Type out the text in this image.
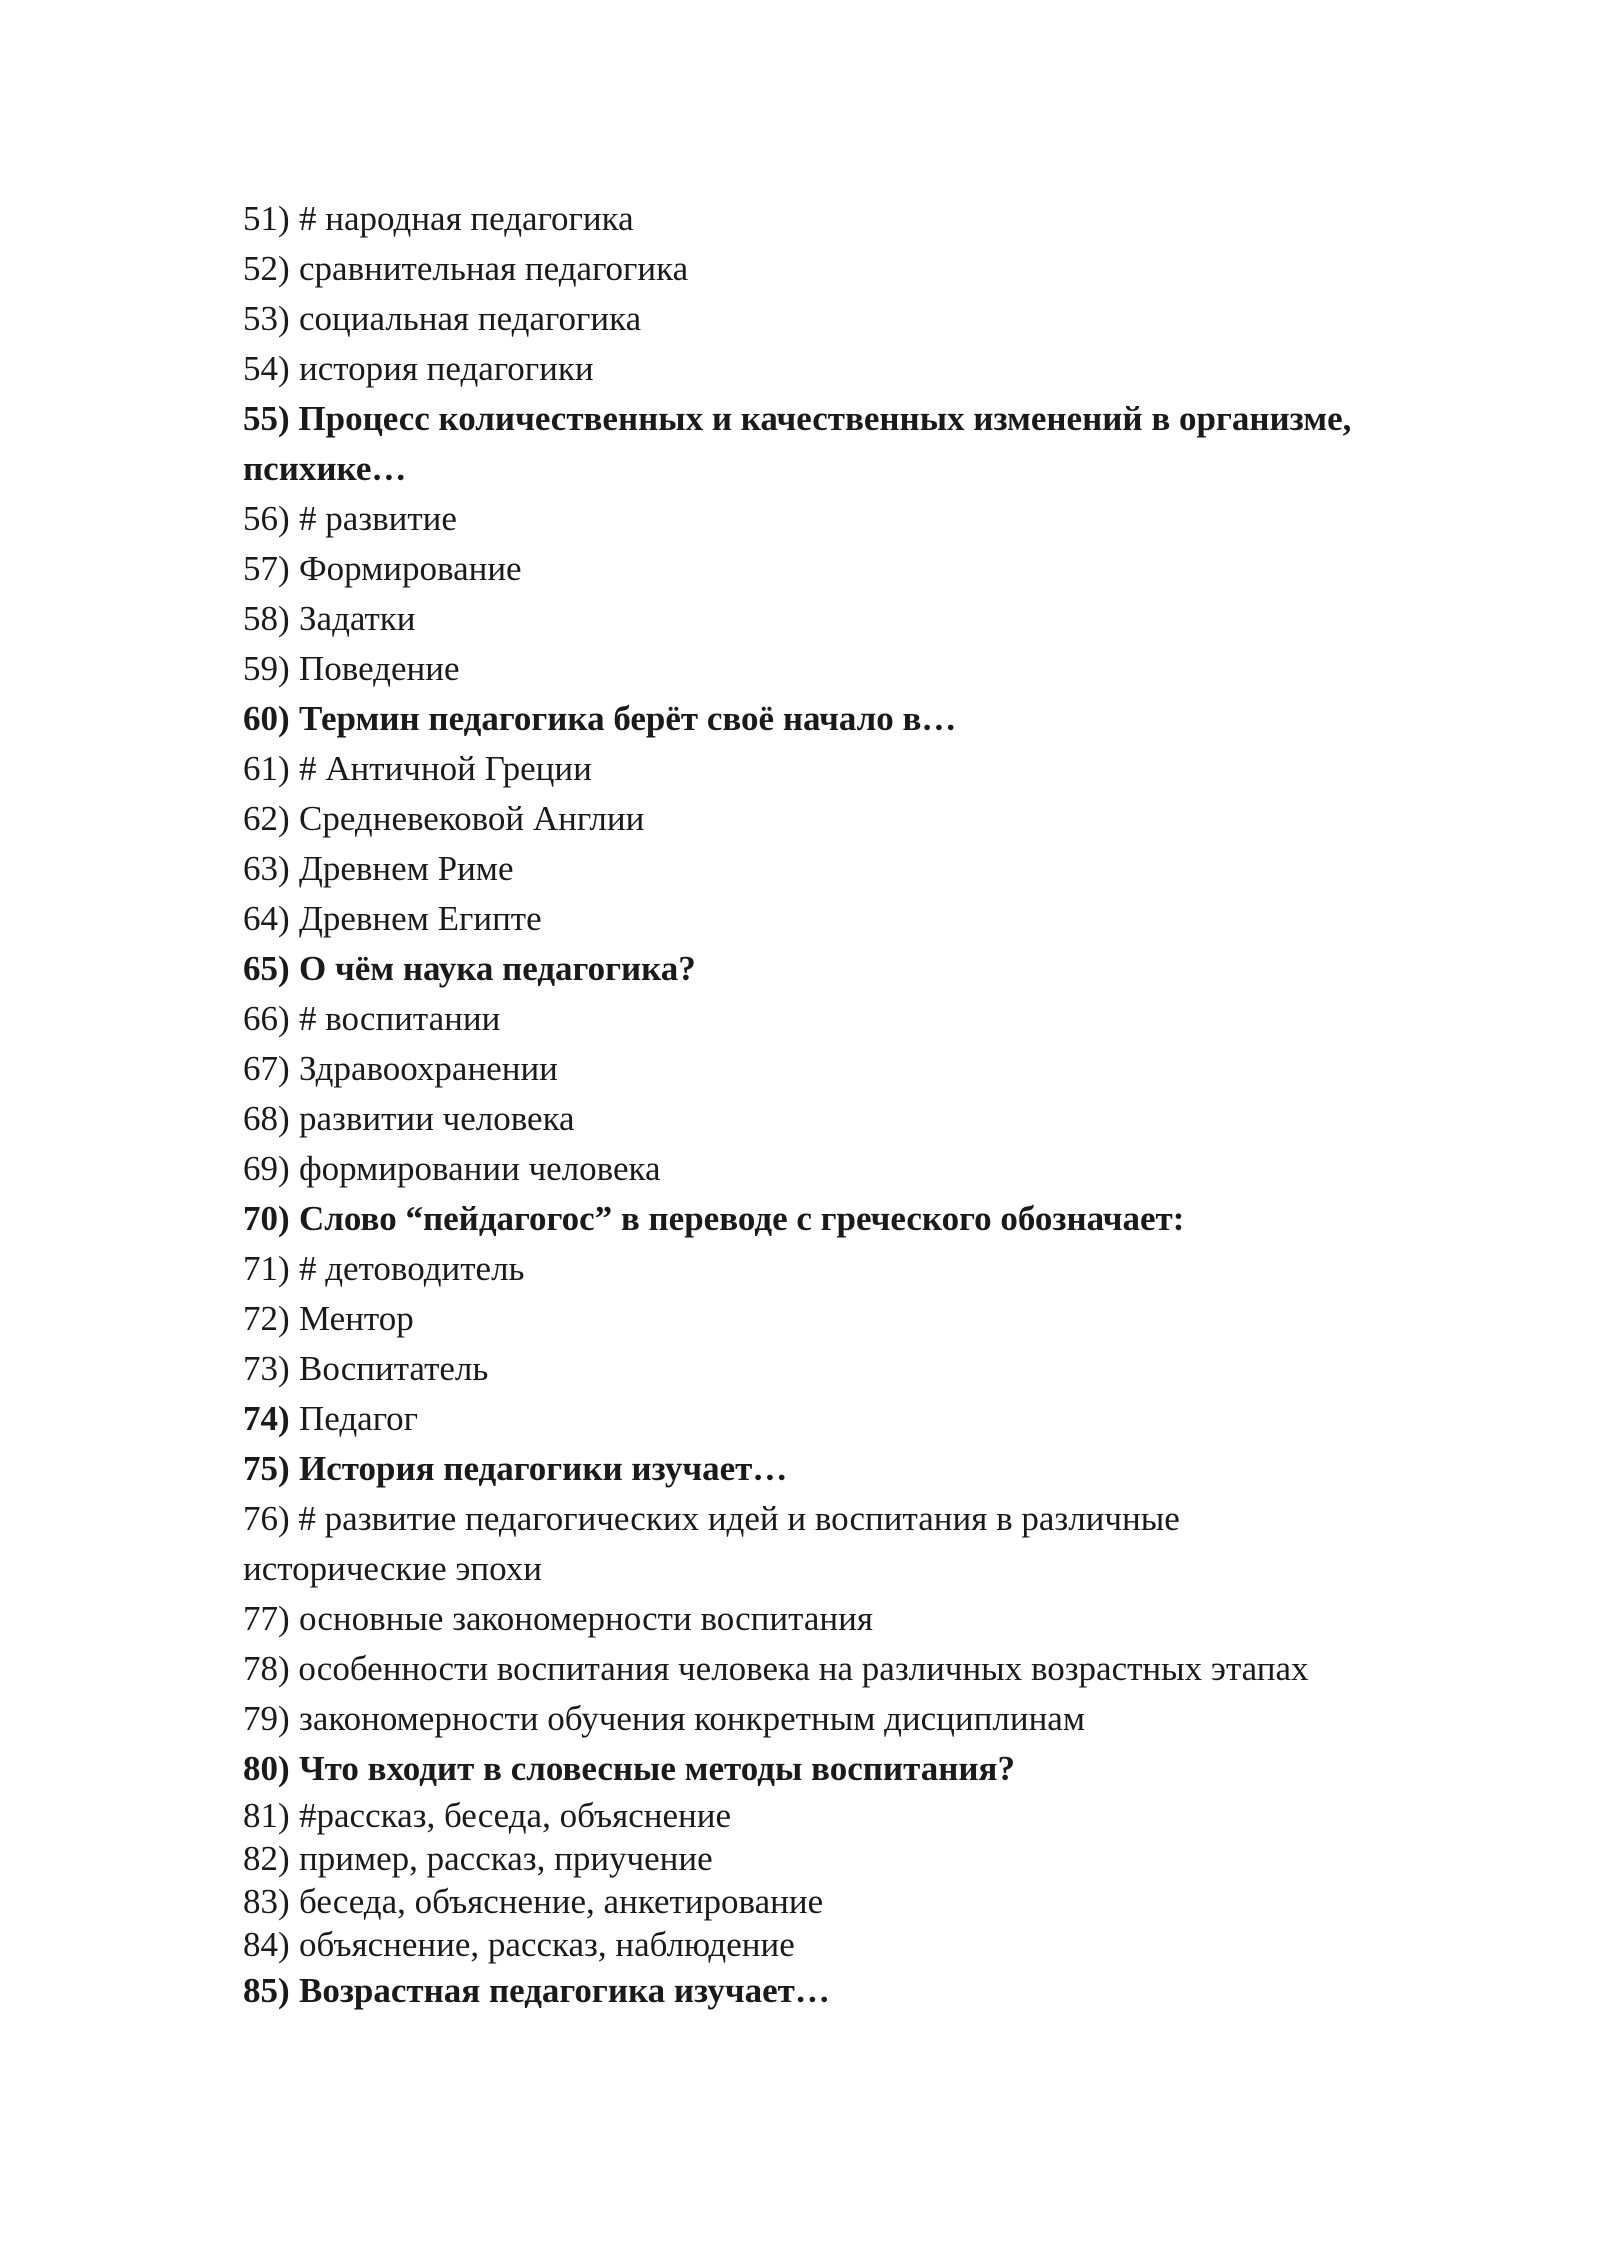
51) # народная педагогика
52) сравнительная педагогика
53) социальная педагогика
54) история педагогики
55) Процесс количественных и качественных изменений в организме, психике…
56) # развитие
57) Формирование
58) Задатки
59) Поведение
60) Термин педагогика берёт своё начало в…
61) # Античной Греции
62) Средневековой Англии
63) Древнем Риме
64) Древнем Египте
65) О чём наука педагогика?
66) # воспитании
67) Здравоохранении
68) развитии человека
69) формировании человека
70) Слово “пейдагогос” в переводе с греческого обозначает:
71) # детоводитель
72) Ментор
73) Воспитатель
74) Педагог
75) История педагогики изучает…
76) # развитие педагогических идей и воспитания в различные исторические эпохи
77) основные закономерности воспитания
78) особенности воспитания человека на различных возрастных этапах
79) закономерности обучения конкретным дисциплинам
80) Что входит в словесные методы воспитания?
81) #рассказ, беседа, объяснение
82) пример, рассказ, приучение
83) беседа, объяснение, анкетирование
84) объяснение, рассказ, наблюдение
85) Возрастная педагогика изучает…
